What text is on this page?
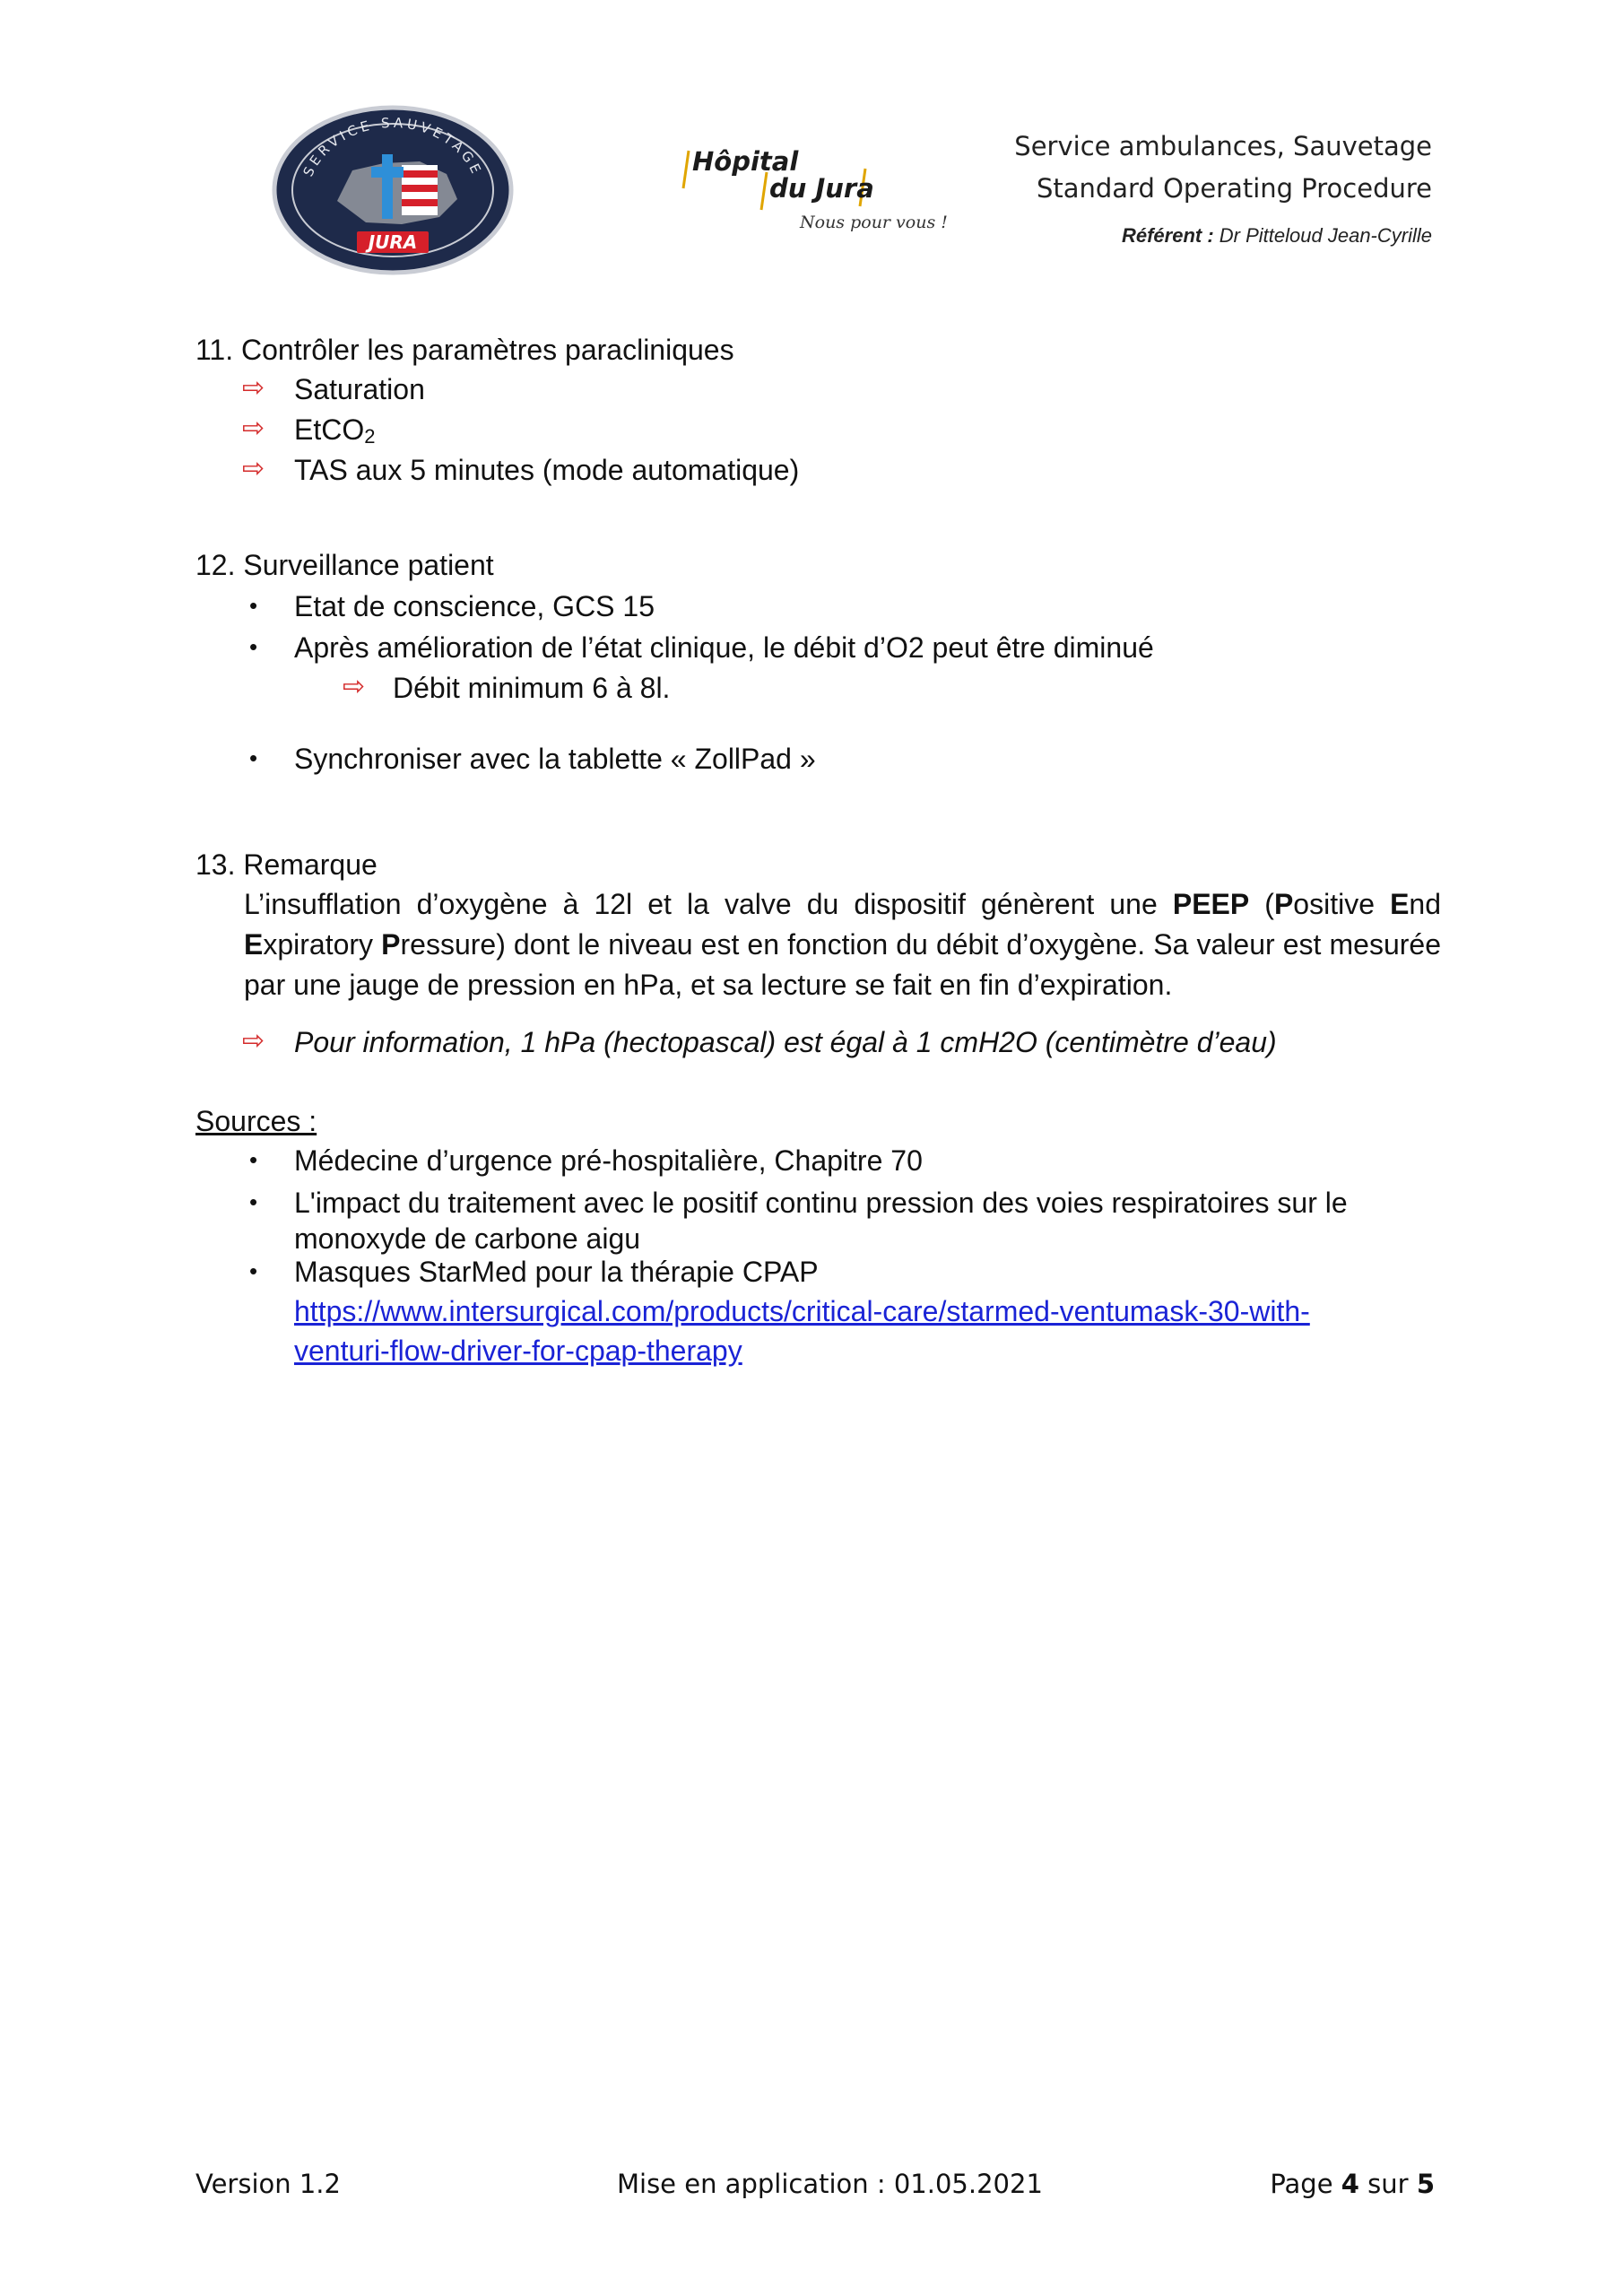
SERVICE SAUVETAGE
JURA
Hôpital
du Jura
Nous pour vous !
Service ambulances, Sauvetage
Standard Operating Procedure
Référent : Dr Pitteloud Jean-Cyrille
11. Contrôler les paramètres paracliniques
⇨ Saturation
⇨ EtCO2
⇨ TAS aux 5 minutes (mode automatique)
12. Surveillance patient
• Etat de conscience, GCS 15
• Après amélioration de l’état clinique, le débit d’O2 peut être diminué
⇨ Débit minimum 6 à 8l.
• Synchroniser avec la tablette « ZollPad »
13. Remarque
L’insufflation d’oxygène à 12l et la valve du dispositif génèrent une PEEP (Positive End Expiratory Pressure) dont le niveau est en fonction du débit d’oxygène. Sa valeur est mesurée par une jauge de pression en hPa, et sa lecture se fait en fin d’expiration.
⇨ Pour information, 1 hPa (hectopascal) est égal à 1 cmH2O (centimètre d’eau)
Sources :
• Médecine d’urgence pré-hospitalière, Chapitre 70
• L'impact du traitement avec le positif continu pression des voies respiratoires sur le
monoxyde de carbone aigu
• Masques StarMed pour la thérapie CPAP
https://www.intersurgical.com/products/critical-care/starmed-ventumask-30-with-
venturi-flow-driver-for-cpap-therapy
Version 1.2	Mise en application : 01.05.2021	Page 4 sur 5
